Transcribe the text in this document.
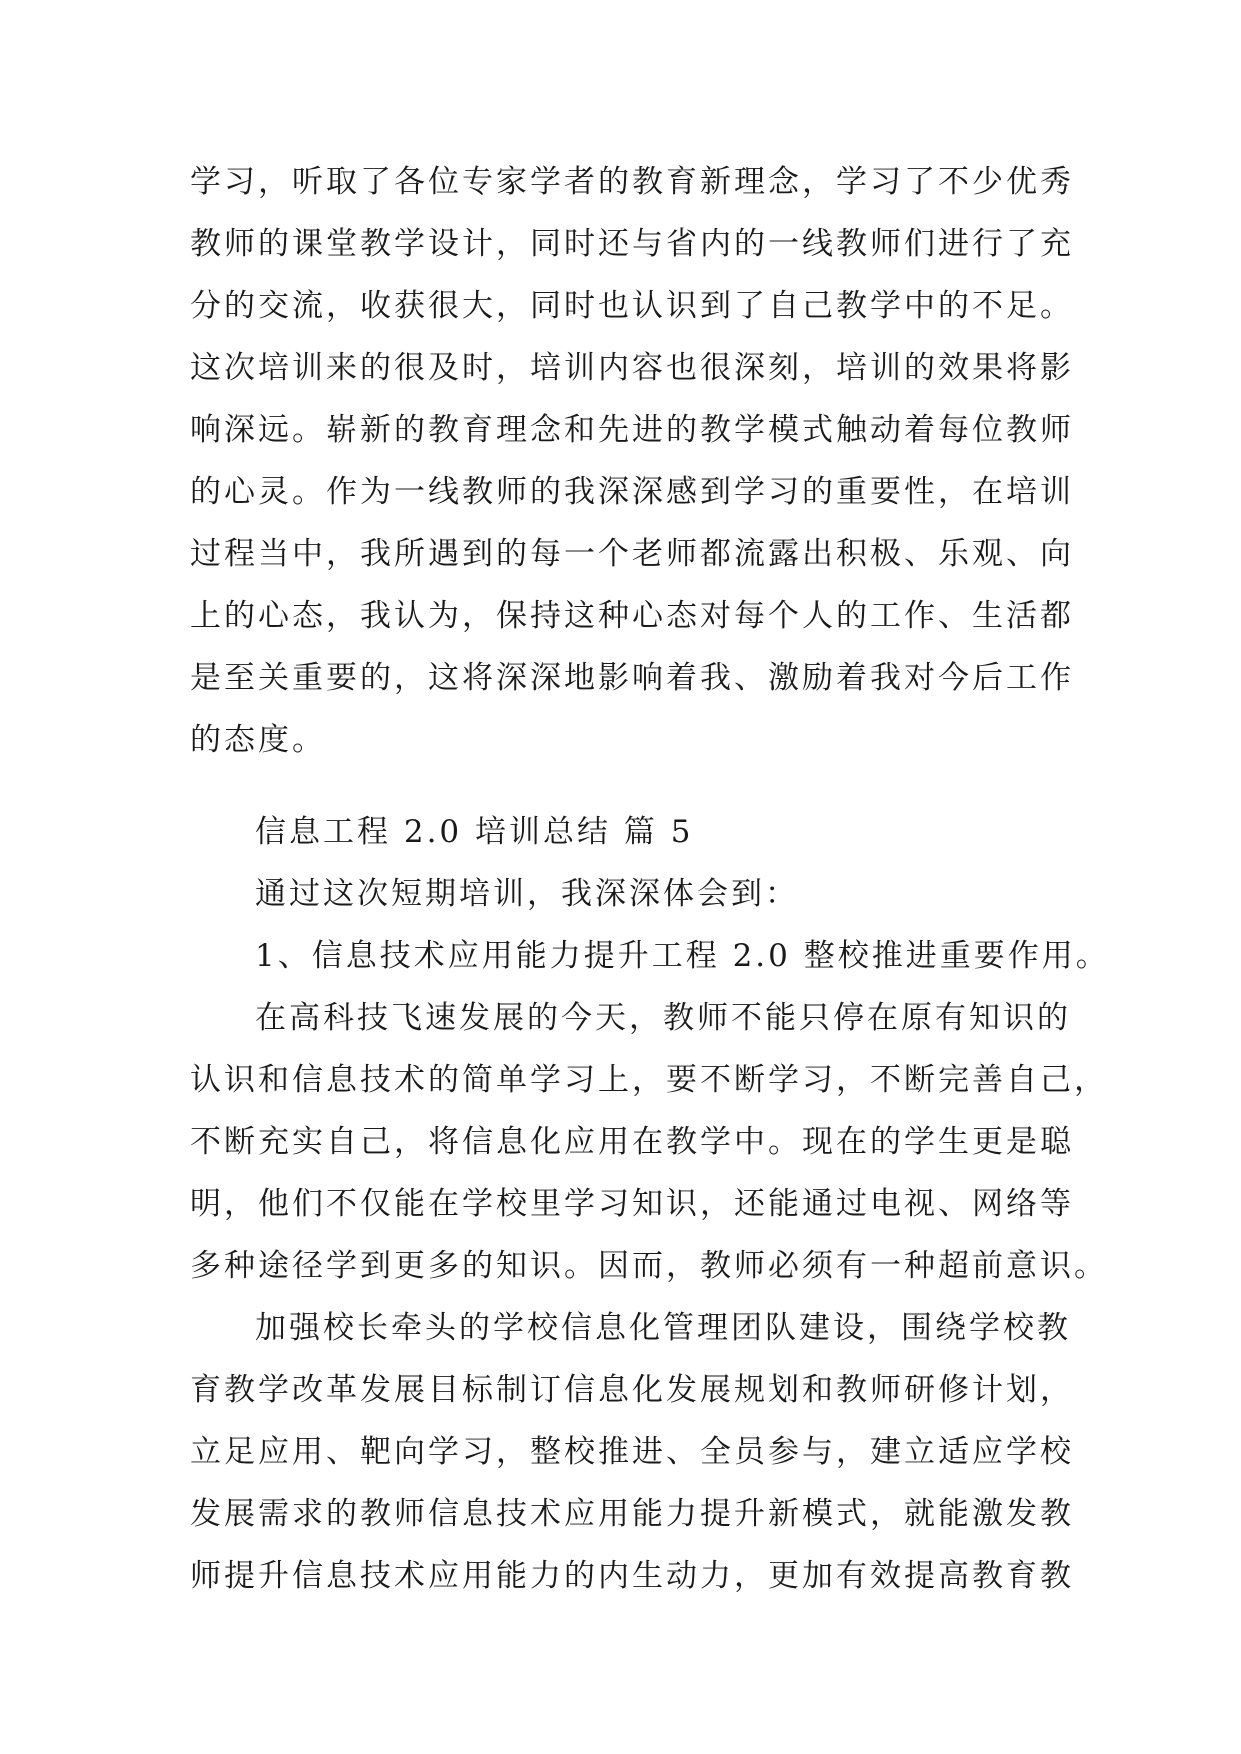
学习，听取了各位专家学者的教育新理念，学习了不少优秀
教师的课堂教学设计，同时还与省内的一线教师们进行了充
分的交流，收获很大，同时也认识到了自己教学中的不足。
这次培训来的很及时，培训内容也很深刻，培训的效果将影
响深远。崭新的教育理念和先进的教学模式触动着每位教师
的心灵。作为一线教师的我深深感到学习的重要性，在培训
过程当中，我所遇到的每一个老师都流露出积极、乐观、向
上的心态，我认为，保持这种心态对每个人的工作、生活都
是至关重要的，这将深深地影响着我、激励着我对今后工作
的态度。
信息工程 2.0 培训总结 篇 5
通过这次短期培训，我深深体会到：
1、信息技术应用能力提升工程 2.0 整校推进重要作用。
在高科技飞速发展的今天，教师不能只停在原有知识的
认识和信息技术的简单学习上，要不断学习，不断完善自己，
不断充实自己，将信息化应用在教学中。现在的学生更是聪
明，他们不仅能在学校里学习知识，还能通过电视、网络等
多种途径学到更多的知识。因而，教师必须有一种超前意识。
加强校长牵头的学校信息化管理团队建设，围绕学校教
育教学改革发展目标制订信息化发展规划和教师研修计划，
立足应用、靶向学习，整校推进、全员参与，建立适应学校
发展需求的教师信息技术应用能力提升新模式，就能激发教
师提升信息技术应用能力的内生动力，更加有效提高教育教
